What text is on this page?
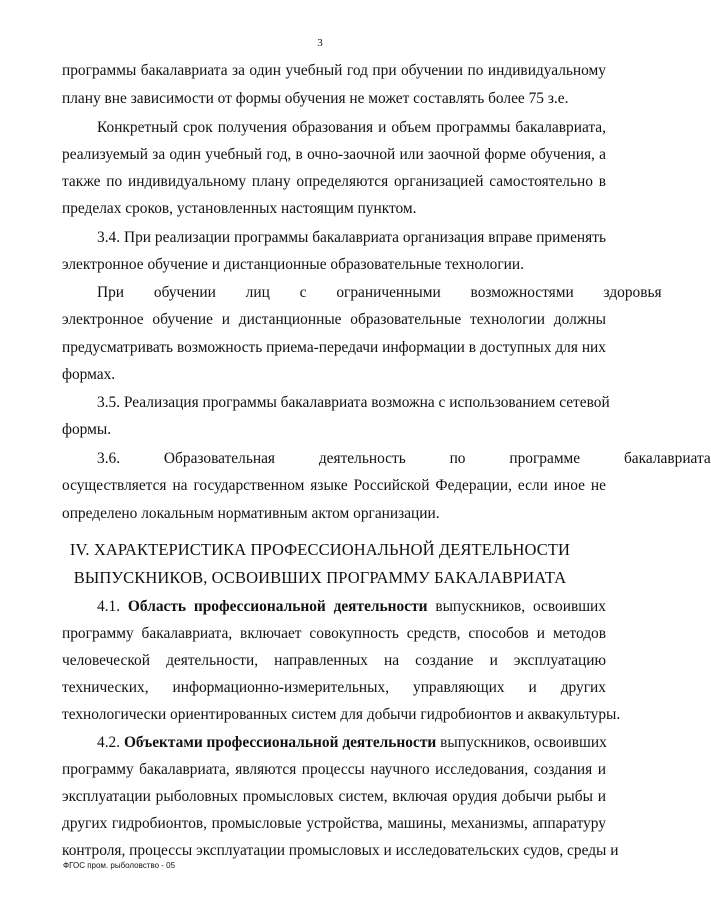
3
программы бакалавриата за один учебный год при обучении по индивидуальному
плану вне зависимости от формы обучения не может составлять более 75 з.е.
Конкретный срок получения образования и объем программы бакалавриата,
реализуемый за один учебный год, в очно-заочной или заочной форме обучения, а
также по индивидуальному плану определяются организацией самостоятельно в
пределах сроков, установленных настоящим пунктом.
3.4. При реализации программы бакалавриата организация вправе применять
электронное обучение и дистанционные образовательные технологии.
При обучении лиц с ограниченными возможностями здоровья
электронное обучение и дистанционные образовательные технологии должны
предусматривать возможность приема-передачи информации в доступных для них
формах.
3.5. Реализация программы бакалавриата возможна с использованием сетевой
формы.
3.6. Образовательная деятельность по программе бакалавриата
осуществляется на государственном языке Российской Федерации, если иное не
определено локальным нормативным актом организации.
IV. ХАРАКТЕРИСТИКА ПРОФЕССИОНАЛЬНОЙ ДЕЯТЕЛЬНОСТИ
ВЫПУСКНИКОВ, ОСВОИВШИХ ПРОГРАММУ БАКАЛАВРИАТА
4.1. Область профессиональной деятельности выпускников, освоивших
программу бакалавриата, включает совокупность средств, способов и методов
человеческой деятельности, направленных на создание и эксплуатацию
технических, информационно-измерительных, управляющих и других
технологически ориентированных систем для добычи гидробионтов и аквакультуры.
4.2. Объектами профессиональной деятельности выпускников, освоивших
программу бакалавриата, являются процессы научного исследования, создания и
эксплуатации рыболовных промысловых систем, включая орудия добычи рыбы и
других гидробионтов, промысловые устройства, машины, механизмы, аппаратуру
контроля, процессы эксплуатации промысловых и исследовательских судов, среды и
ФГОС пром. рыболовство - 05
